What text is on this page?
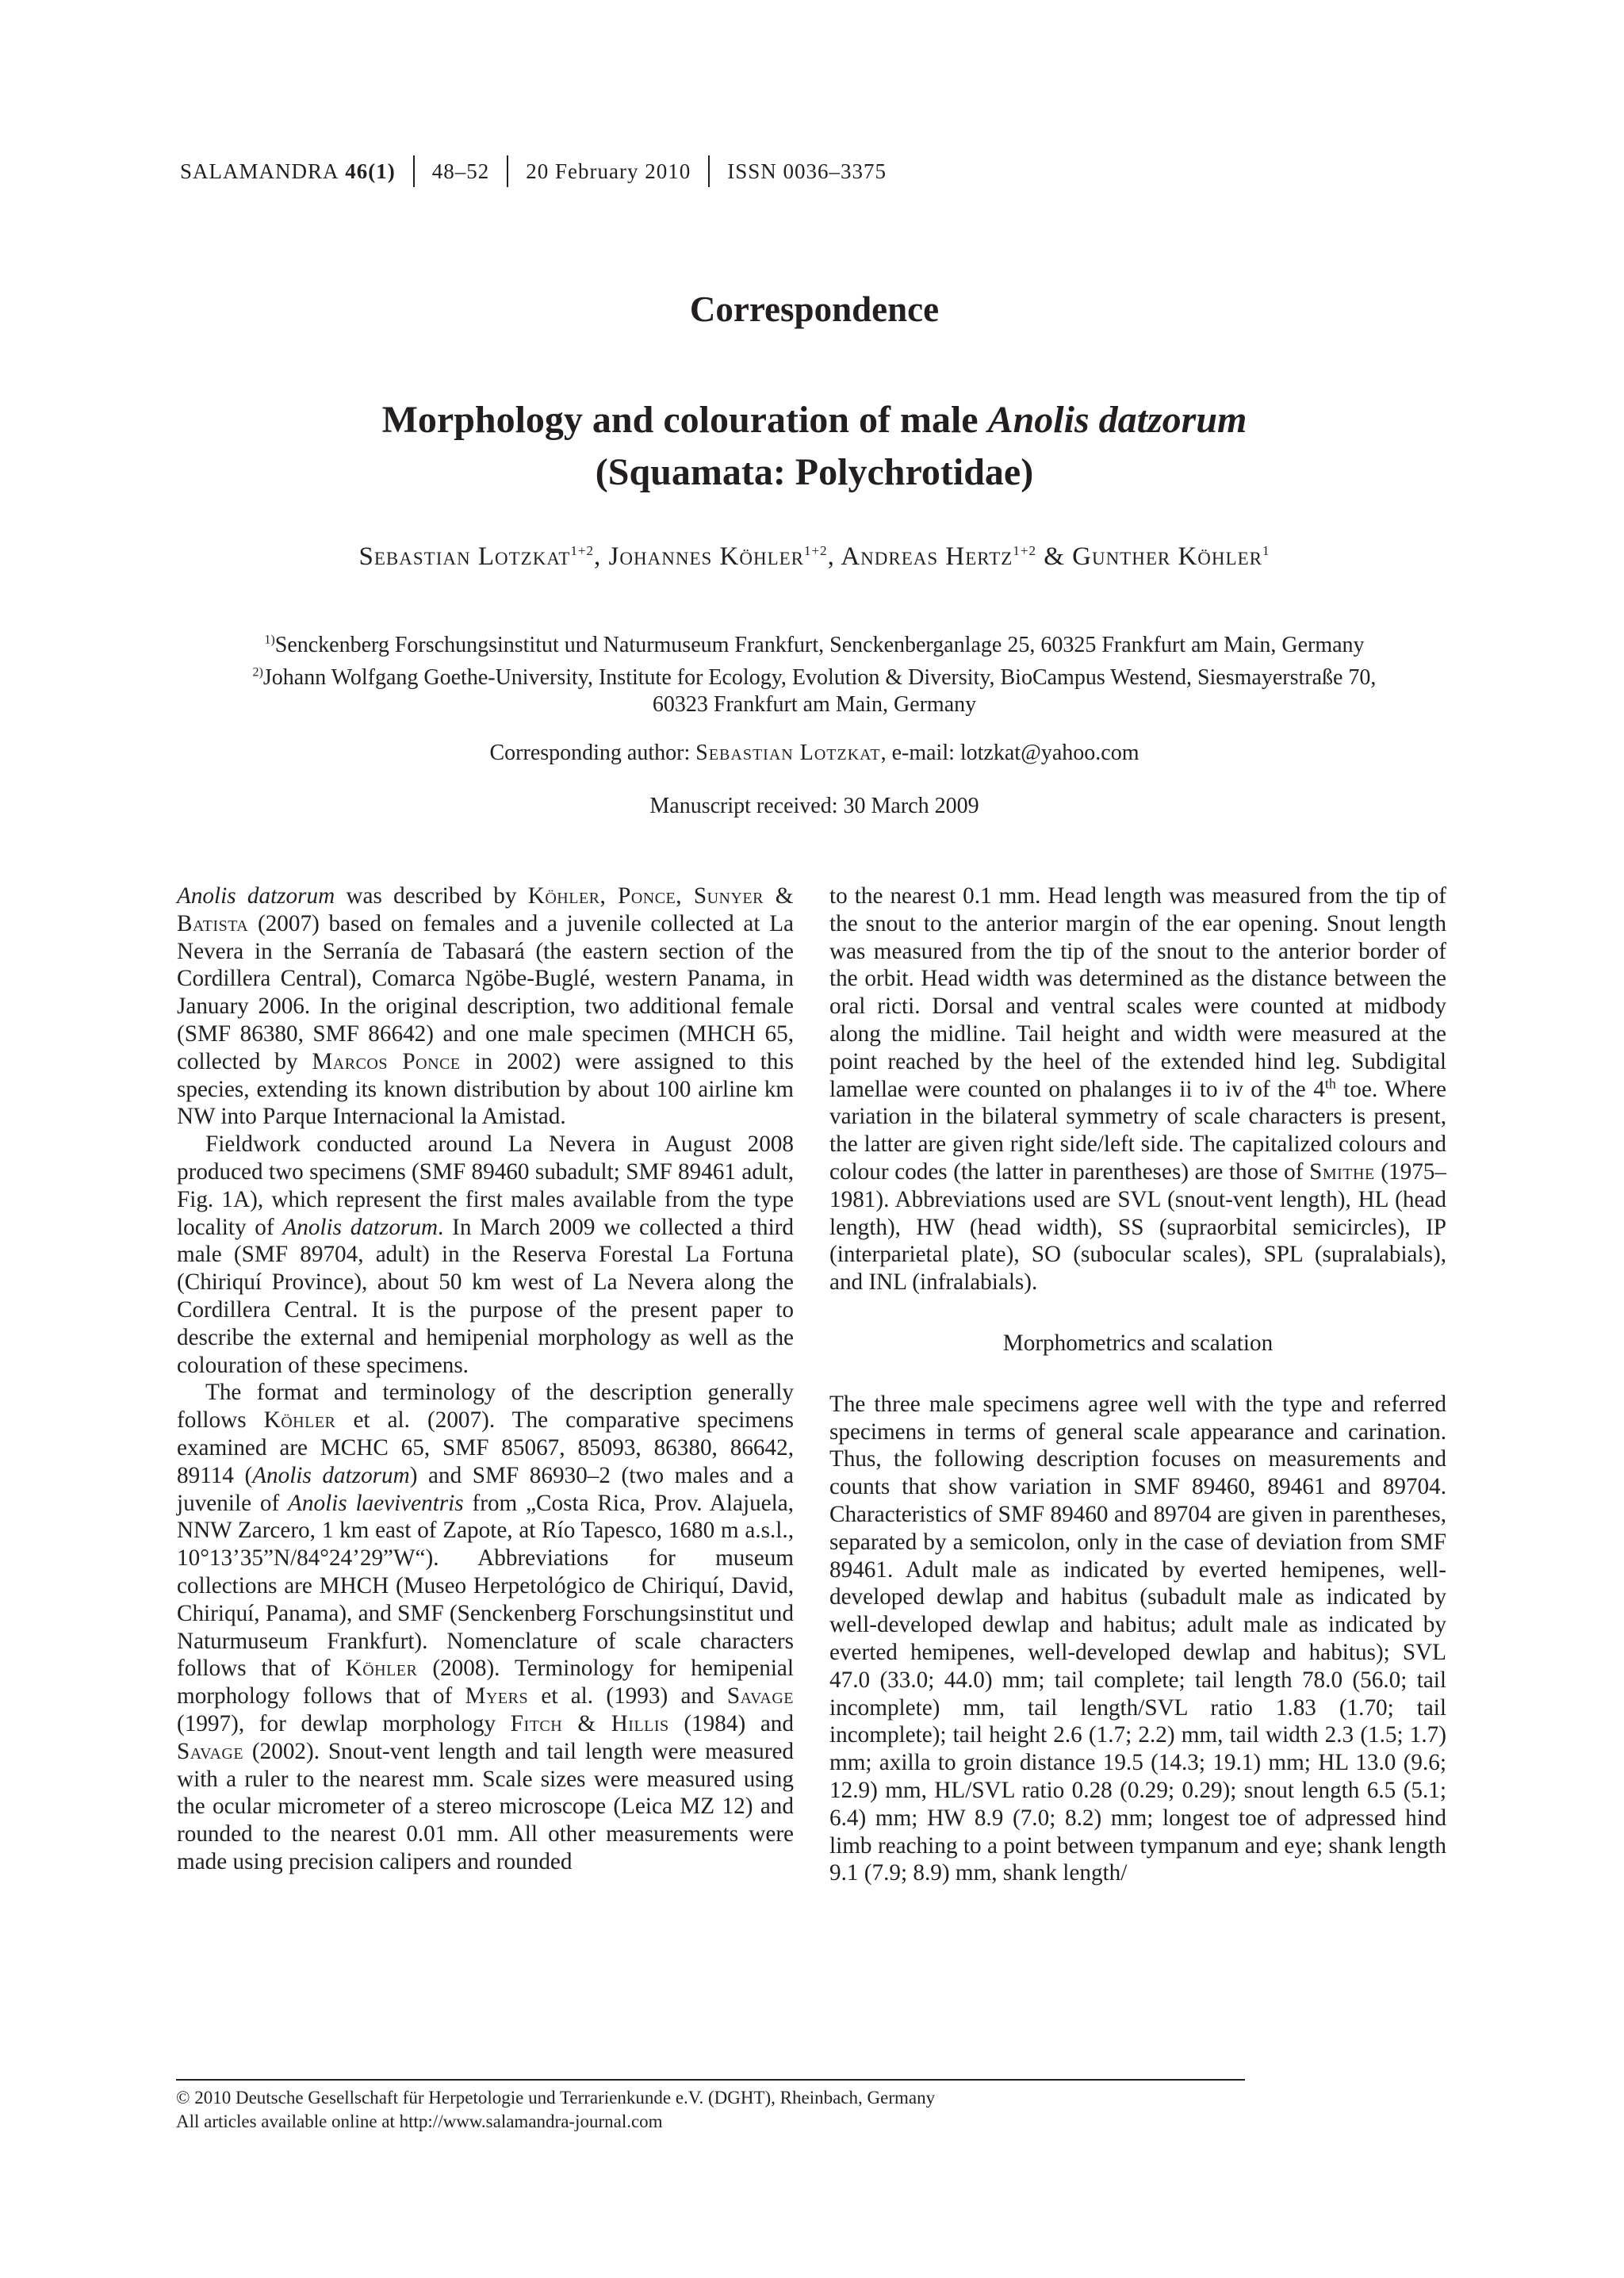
SALAMANDRA
46(1) 48–52 20 February 2010 ISSN 0036–3375
Correspondence
Morphology and colouration of male Anolis datzorum
(Squamata: Polychrotidae)
Sebastian Lotzkat$^{1+2}$, Johannes Köhler$^{1+2}$, Andreas Hertz$^{1+2}$ & Gunther Köhler$^1$
$^{1)}$Senckenberg Forschungsinstitut und Naturmuseum Frankfurt, Senckenberganlage 25, 60325 Frankfurt am Main, Germany
$^{2)}$Johann Wolfgang Goethe-University, Institute for Ecology, Evolution & Diversity, BioCampus Westend, Siesmayerstraße 70,
60323 Frankfurt am Main, Germany
Corresponding author: Sebastian Lotzkat, e-mail: lotzkat@yahoo.com
Manuscript received: 30 March 2009

Anolis datzorum was described by Köhler, Ponce, Sunyer & Batista (2007) based on females and a juvenile collected at La Nevera in the Serranía de Tabasará (the eastern section of the Cordillera Central), Comarca Ngöbe-Buglé, western Panama, in January 2006. In the original description, two additional female (SMF 86380, SMF 86642) and one male specimen (MHCH 65, collected by Marcos Ponce in 2002) were assigned to this species, extending its known distribution by about 100 airline km NW into Parque Internacional la Amistad.

Fieldwork conducted around La Nevera in August 2008 produced two specimens (SMF 89460 subadult; SMF 89461 adult, Fig. 1A), which represent the first males available from the type locality of Anolis datzorum. In March 2009 we collected a third male (SMF 89704, adult) in the Reserva Forestal La Fortuna (Chiriquí Province), about 50 km west of La Nevera along the Cordillera Central. It is the purpose of the present paper to describe the external and hemipenial morphology as well as the colouration of these specimens.

The format and terminology of the description generally follows Köhler et al. (2007). The comparative specimens examined are MCHC 65, SMF 85067, 85093, 86380, 86642, 89114 (Anolis datzorum) and SMF 86930–2 (two males and a juvenile of Anolis laeviventris from „Costa Rica, Prov. Alajuela, NNW Zarcero, 1 km east of Zapote, at Río Tapesco, 1680 m a.s.l., 10°13’35”N/84°24’29”W“). Abbreviations for museum collections are MHCH (Museo Herpetológico de Chiriquí, David, Chiriquí, Panama), and SMF (Senckenberg Forschungsinstitut und Naturmuseum Frankfurt). Nomenclature of scale characters follows that of Köhler (2008). Terminology for hemipenial morphology follows that of Myers et al. (1993) and Savage (1997), for dewlap morphology Fitch & Hillis (1984) and Savage (2002). Snout-vent length and tail length were measured with a ruler to the nearest mm. Scale sizes were measured using the ocular micrometer of a stereo microscope (Leica MZ 12) and rounded to the nearest 0.01 mm. All other measurements were made using precision calipers and rounded

to the nearest 0.1 mm. Head length was measured from the tip of the snout to the anterior margin of the ear opening. Snout length was measured from the tip of the snout to the anterior border of the orbit. Head width was determined as the distance between the oral ricti. Dorsal and ventral scales were counted at midbody along the midline. Tail height and width were measured at the point reached by the heel of the extended hind leg. Subdigital lamellae were counted on phalanges ii to iv of the 4th toe. Where variation in the bilateral symmetry of scale characters is present, the latter are given right side/left side. The capitalized colours and colour codes (the latter in parentheses) are those of Smithe (1975–1981). Abbreviations used are SVL (snout-vent length), HL (head length), HW (head width), SS (supraorbital semicircles), IP (interparietal plate), SO (subocular scales), SPL (supralabials), and INL (infralabials).

Morphometrics and scalation

The three male specimens agree well with the type and referred specimens in terms of general scale appearance and carination. Thus, the following description focuses on measurements and counts that show variation in SMF 89460, 89461 and 89704. Characteristics of SMF 89460 and 89704 are given in parentheses, separated by a semicolon, only in the case of deviation from SMF 89461. Adult male as indicated by everted hemipenes, well-developed dewlap and habitus (subadult male as indicated by well-developed dewlap and habitus; adult male as indicated by everted hemipenes, well-developed dewlap and habitus); SVL 47.0 (33.0; 44.0) mm; tail complete; tail length 78.0 (56.0; tail incomplete) mm, tail length/SVL ratio 1.83 (1.70; tail incomplete); tail height 2.6 (1.7; 2.2) mm, tail width 2.3 (1.5; 1.7) mm; axilla to groin distance 19.5 (14.3; 19.1) mm; HL 13.0 (9.6; 12.9) mm, HL/SVL ratio 0.28 (0.29; 0.29); snout length 6.5 (5.1; 6.4) mm; HW 8.9 (7.0; 8.2) mm; longest toe of adpressed hind limb reaching to a point between tympanum and eye; shank length 9.1 (7.9; 8.9) mm, shank length/

© 2010 Deutsche Gesellschaft für Herpetologie und Terrarienkunde e.V. (DGHT), Rheinbach, Germany
All articles available online at http://www.salamandra-journal.com
